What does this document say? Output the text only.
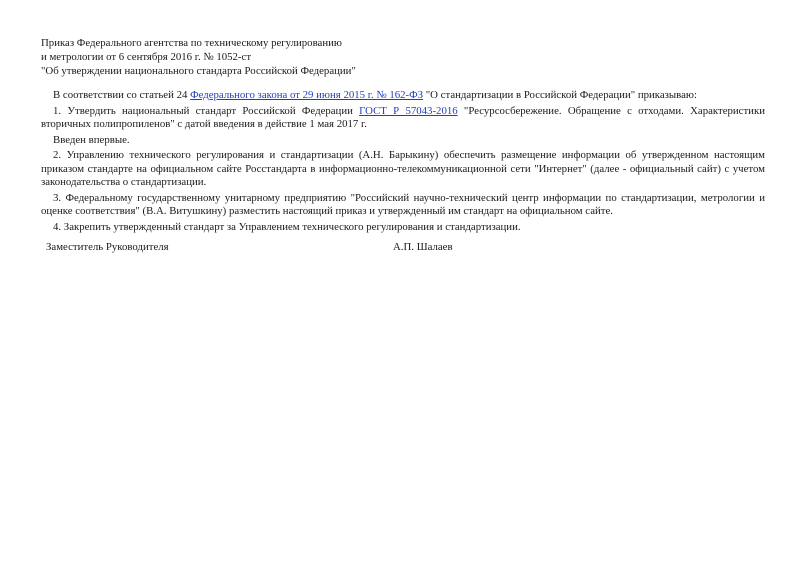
Приказ Федерального агентства по техническому регулированию
и метрологии от 6 сентября 2016 г. № 1052-ст
"Об утверждении национального стандарта Российской Федерации"

В соответствии со статьей 24 Федерального закона от 29 июня 2015 г. № 162-ФЗ "О стандартизации в Российской Федерации" приказываю:

1. Утвердить национальный стандарт Российской Федерации ГОСТ Р 57043-2016 "Ресурсосбережение. Обращение с отходами. Характеристики вторичных полипропиленов" с датой введения в действие 1 мая 2017 г.

Введен впервые.

2. Управлению технического регулирования и стандартизации (А.Н. Барыкину) обеспечить размещение информации об утвержденном настоящим приказом стандарте на официальном сайте Росстандарта в информационно-телекоммуникационной сети "Интернет" (далее - официальный сайт) с учетом законодательства о стандартизации.

3. Федеральному государственному унитарному предприятию "Российский научно-технический центр информации по стандартизации, метрологии и оценке соответствия" (В.А. Витушкину) разместить настоящий приказ и утвержденный им стандарт на официальном сайте.

4. Закрепить утвержденный стандарт за Управлением технического регулирования и стандартизации.

Заместитель Руководителя	А.П. Шалаев
